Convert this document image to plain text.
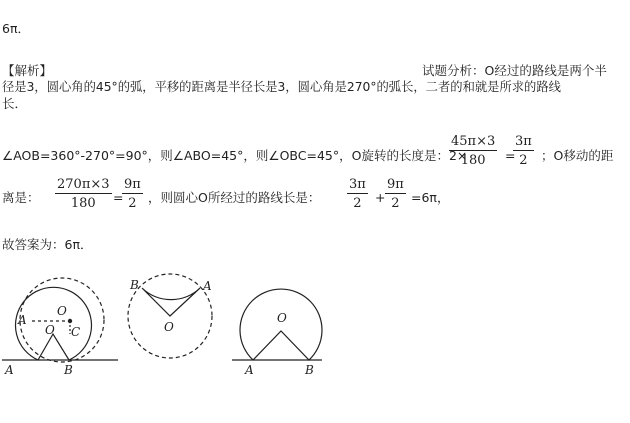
6π．
【解析】	试题分析：O经过的路线是两个半
径是3，圆心角的45°的弧，平移的距离是半径长是3，圆心角是270°的弧长，二者的和就是所求的路线
长．
∠AOB=360°-270°=90°，则∠ABO=45°，则∠OBC=45°，O旋转的长度是：2×
45π×3
180 =
3π
2 ；O移动的距
离是：
270π×3
180 =
9π
2 ，则圆心O所经过的路线长是：
3π
2 +
9π
2 =6π，
故答案为：6π．
A
O
O C
A	B
B	A
O
O
A	B
